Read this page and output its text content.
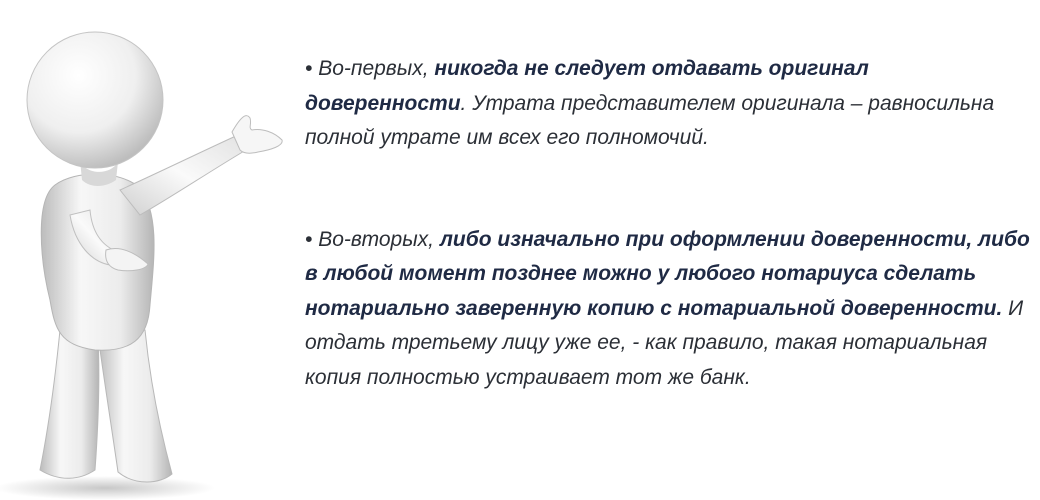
• Во-первых, никогда не следует отдавать оригинал доверенности. Утрата представителем оригинала – равносильна полной утрате им всех его полномочий.

• Во-вторых, либо изначально при оформлении доверенности, либо в любой момент позднее можно у любого нотариуса сделать нотариально заверенную копию с нотариальной доверенности. И отдать третьему лицу уже ее, - как правило, такая нотариальная копия полностью устраивает тот же банк.
